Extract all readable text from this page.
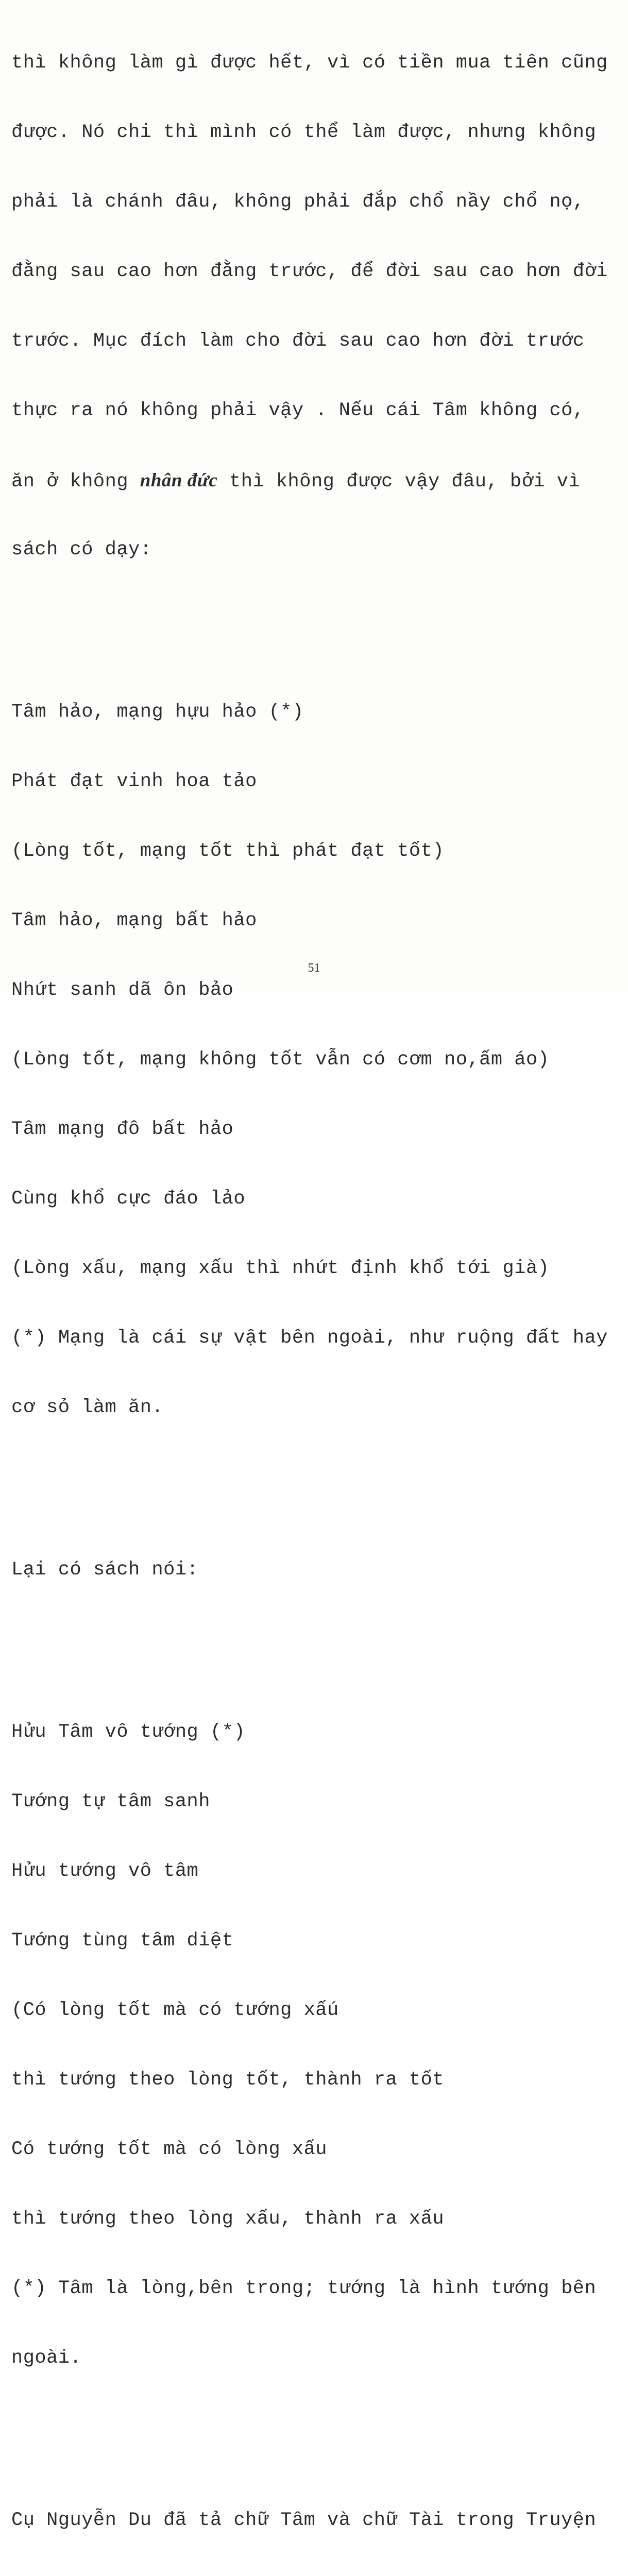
thì không làm gì được hết, vì có tiền mua tiên cũng

được. Nó chi thì mình có thể làm được, nhưng không

phải là chánh đâu, không phải đắp chổ nầy chổ nọ,

đằng sau cao hơn đằng trước, để đời sau cao hơn đời

trước. Mục đích làm cho đời sau cao hơn đời trước

thực ra nó không phải vậy . Nếu cái Tâm không có,

ăn ở không nhân đức thì không được vậy đâu, bởi vì

sách có dạy:

Tâm hảo, mạng hựu hảo (*)

Phát đạt vinh hoa tảo

(Lòng tốt, mạng tốt thì phát đạt tốt)

Tâm hảo, mạng bất hảo

Nhứt sanh dã ôn bảo

(Lòng tốt, mạng không tốt vẫn có cơm no,ấm áo)

Tâm mạng đô bất hảo

Cùng khổ cực đáo lảo

(Lòng xấu, mạng xấu thì nhứt định khổ tới già)

(*) Mạng là cái sự vật bên ngoài, như ruộng đất hay

cơ sỏ làm ăn.

Lại có sách nói:

Hửu Tâm vô tướng (*)

Tướng tự tâm sanh

Hửu tướng vô tâm

Tướng tùng tâm diệt

(Có lòng tốt mà có tướng xấú

thì tướng theo lòng tốt, thành ra tốt

Có tướng tốt mà có lòng xấu

thì tướng theo lòng xấu, thành ra xấu

(*) Tâm là lòng,bên trong; tướng là hình tướng bên

ngoài.

Cụ Nguyễn Du đã tả chữ Tâm và chữ Tài trong Truyện

51
